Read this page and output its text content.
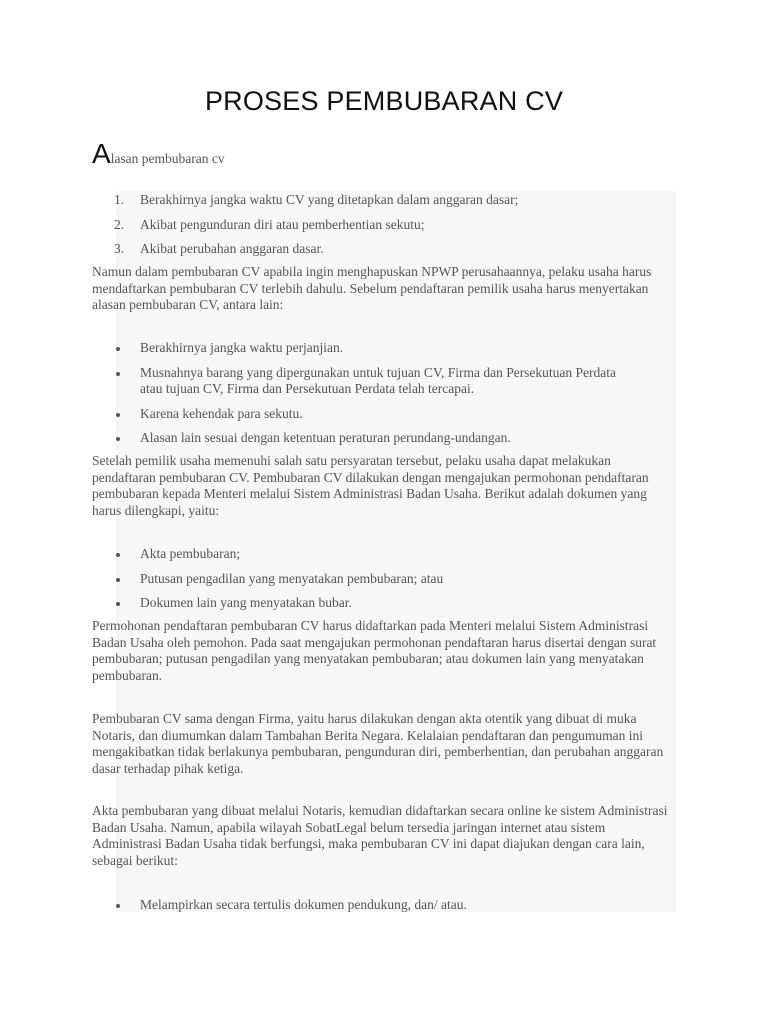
PROSES PEMBUBARAN CV
Alasan pembubaran cv
1.	Berakhirnya jangka waktu CV yang ditetapkan dalam anggaran dasar;
2.	Akibat pengunduran diri atau pemberhentian sekutu;
3.	Akibat perubahan anggaran dasar.

Namun dalam pembubaran CV apabila ingin menghapuskan NPWP perusahaannya, pelaku usaha harus mendaftarkan pembubaran CV terlebih dahulu. Sebelum pendaftaran pemilik usaha harus menyertakan alasan pembubaran CV, antara lain:

Berakhirnya jangka waktu perjanjian.
Musnahnya barang yang dipergunakan untuk tujuan CV, Firma dan Persekutuan Perdata atau tujuan CV, Firma dan Persekutuan Perdata telah tercapai.
Karena kehendak para sekutu.
Alasan lain sesuai dengan ketentuan peraturan perundang-undangan.

Setelah pemilik usaha memenuhi salah satu persyaratan tersebut, pelaku usaha dapat melakukan pendaftaran pembubaran CV. Pembubaran CV dilakukan dengan mengajukan permohonan pendaftaran pembubaran kepada Menteri melalui Sistem Administrasi Badan Usaha. Berikut adalah dokumen yang harus dilengkapi, yaitu:

Akta pembubaran;
Putusan pengadilan yang menyatakan pembubaran; atau
Dokumen lain yang menyatakan bubar.

Permohonan pendaftaran pembubaran CV harus didaftarkan pada Menteri melalui Sistem Administrasi Badan Usaha oleh pemohon. Pada saat mengajukan permohonan pendaftaran harus disertai dengan surat pembubaran; putusan pengadilan yang menyatakan pembubaran; atau dokumen lain yang menyatakan pembubaran.

Pembubaran CV sama dengan Firma, yaitu harus dilakukan dengan akta otentik yang dibuat di muka Notaris, dan diumumkan dalam Tambahan Berita Negara. Kelalaian pendaftaran dan pengumuman ini mengakibatkan tidak berlakunya pembubaran, pengunduran diri, pemberhentian, dan perubahan anggaran dasar terhadap pihak ketiga.

Akta pembubaran yang dibuat melalui Notaris, kemudian didaftarkan secara online ke sistem Administrasi Badan Usaha. Namun, apabila wilayah SobatLegal belum tersedia jaringan internet atau sistem Administrasi Badan Usaha tidak berfungsi, maka pembubaran CV ini dapat diajukan dengan cara lain, sebagai berikut:

Melampirkan secara tertulis dokumen pendukung, dan/ atau.
